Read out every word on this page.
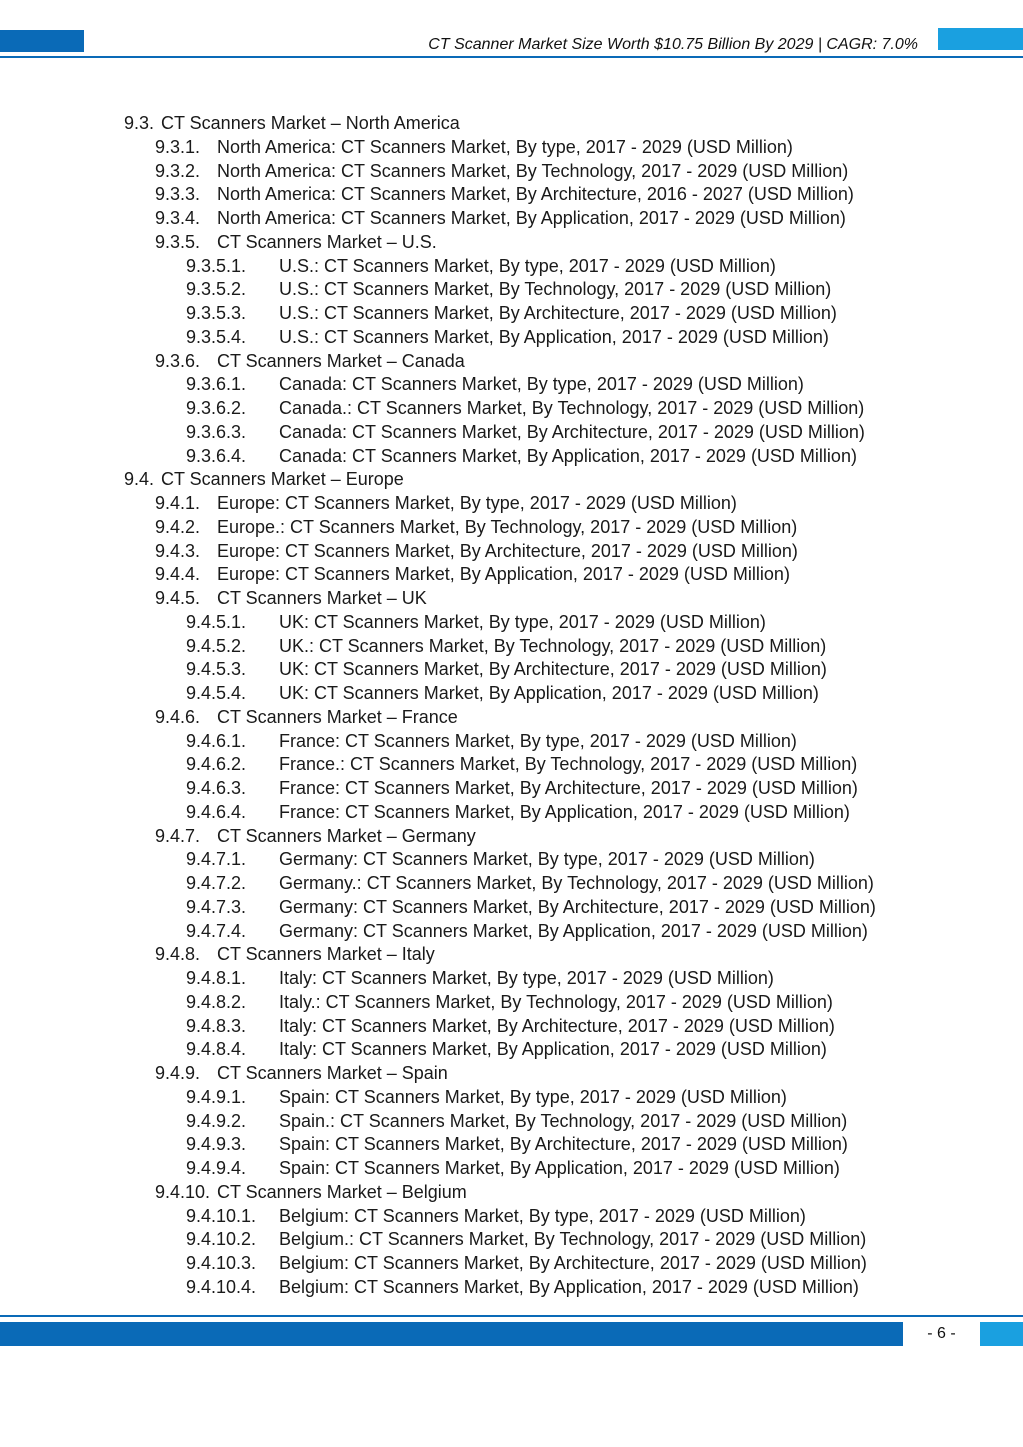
CT Scanner Market Size Worth $10.75 Billion By 2029 | CAGR: 7.0%
9.3. CT Scanners Market – North America
9.3.1. North America: CT Scanners Market, By type, 2017 - 2029 (USD Million)
9.3.2. North America: CT Scanners Market, By Technology, 2017 - 2029 (USD Million)
9.3.3. North America: CT Scanners Market, By Architecture, 2016 - 2027 (USD Million)
9.3.4. North America: CT Scanners Market, By Application, 2017 - 2029 (USD Million)
9.3.5. CT Scanners Market – U.S.
9.3.5.1. U.S.: CT Scanners Market, By type, 2017 - 2029 (USD Million)
9.3.5.2. U.S.: CT Scanners Market, By Technology, 2017 - 2029 (USD Million)
9.3.5.3. U.S.: CT Scanners Market, By Architecture, 2017 - 2029 (USD Million)
9.3.5.4. U.S.: CT Scanners Market, By Application, 2017 - 2029 (USD Million)
9.3.6. CT Scanners Market – Canada
9.3.6.1. Canada: CT Scanners Market, By type, 2017 - 2029 (USD Million)
9.3.6.2. Canada.: CT Scanners Market, By Technology, 2017 - 2029 (USD Million)
9.3.6.3. Canada: CT Scanners Market, By Architecture, 2017 - 2029 (USD Million)
9.3.6.4. Canada: CT Scanners Market, By Application, 2017 - 2029 (USD Million)
9.4. CT Scanners Market – Europe
9.4.1. Europe: CT Scanners Market, By type, 2017 - 2029 (USD Million)
9.4.2. Europe.: CT Scanners Market, By Technology, 2017 - 2029 (USD Million)
9.4.3. Europe: CT Scanners Market, By Architecture, 2017 - 2029 (USD Million)
9.4.4. Europe: CT Scanners Market, By Application, 2017 - 2029 (USD Million)
9.4.5. CT Scanners Market – UK
9.4.5.1. UK: CT Scanners Market, By type, 2017 - 2029 (USD Million)
9.4.5.2. UK.: CT Scanners Market, By Technology, 2017 - 2029 (USD Million)
9.4.5.3. UK: CT Scanners Market, By Architecture, 2017 - 2029 (USD Million)
9.4.5.4. UK: CT Scanners Market, By Application, 2017 - 2029 (USD Million)
9.4.6. CT Scanners Market – France
9.4.6.1. France: CT Scanners Market, By type, 2017 - 2029 (USD Million)
9.4.6.2. France.: CT Scanners Market, By Technology, 2017 - 2029 (USD Million)
9.4.6.3. France: CT Scanners Market, By Architecture, 2017 - 2029 (USD Million)
9.4.6.4. France: CT Scanners Market, By Application, 2017 - 2029 (USD Million)
9.4.7. CT Scanners Market – Germany
9.4.7.1. Germany: CT Scanners Market, By type, 2017 - 2029 (USD Million)
9.4.7.2. Germany.: CT Scanners Market, By Technology, 2017 - 2029 (USD Million)
9.4.7.3. Germany: CT Scanners Market, By Architecture, 2017 - 2029 (USD Million)
9.4.7.4. Germany: CT Scanners Market, By Application, 2017 - 2029 (USD Million)
9.4.8. CT Scanners Market – Italy
9.4.8.1. Italy: CT Scanners Market, By type, 2017 - 2029 (USD Million)
9.4.8.2. Italy.: CT Scanners Market, By Technology, 2017 - 2029 (USD Million)
9.4.8.3. Italy: CT Scanners Market, By Architecture, 2017 - 2029 (USD Million)
9.4.8.4. Italy: CT Scanners Market, By Application, 2017 - 2029 (USD Million)
9.4.9. CT Scanners Market – Spain
9.4.9.1. Spain: CT Scanners Market, By type, 2017 - 2029 (USD Million)
9.4.9.2. Spain.: CT Scanners Market, By Technology, 2017 - 2029 (USD Million)
9.4.9.3. Spain: CT Scanners Market, By Architecture, 2017 - 2029 (USD Million)
9.4.9.4. Spain: CT Scanners Market, By Application, 2017 - 2029 (USD Million)
9.4.10. CT Scanners Market – Belgium
9.4.10.1. Belgium: CT Scanners Market, By type, 2017 - 2029 (USD Million)
9.4.10.2. Belgium.: CT Scanners Market, By Technology, 2017 - 2029 (USD Million)
9.4.10.3. Belgium: CT Scanners Market, By Architecture, 2017 - 2029 (USD Million)
9.4.10.4. Belgium: CT Scanners Market, By Application, 2017 - 2029 (USD Million)
- 6 -
